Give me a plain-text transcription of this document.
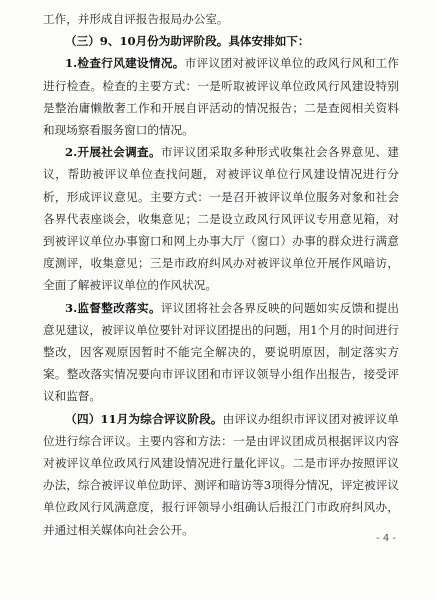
工作，并形成自评报告报局办公室。

（三）9、10月份为助评阶段。具体安排如下：

1.检查行风建设情况。市评议团对被评议单位的政风行风和工作进行检查。检查的主要方式：一是听取被评议单位政风行风建设特别是整治庸懒散奢工作和开展自评活动的情况报告；二是查阅相关资料和现场察看服务窗口的情况。

2.开展社会调查。市评议团采取多种形式收集社会各界意见、建议，帮助被评议单位查找问题，对被评议单位行风建设情况进行分析，形成评议意见。主要方式：一是召开被评议单位服务对象和社会各界代表座谈会，收集意见；二是设立政风行风评议专用意见箱，对到被评议单位办事窗口和网上办事大厅（窗口）办事的群众进行满意度测评，收集意见；三是市政府纠风办对被评议单位开展作风暗访，全面了解被评议单位的作风状况。

3.监督整改落实。评议团将社会各界反映的问题如实反馈和提出意见建议，被评议单位要针对评议团提出的问题，用1个月的时间进行整改，因客观原因暂时不能完全解决的，要说明原因，制定落实方案。整改落实情况要向市评议团和市评议领导小组作出报告，接受评议和监督。

（四）11月为综合评议阶段。由评议办组织市评议团对被评议单位进行综合评议。主要内容和方法：一是由评议团成员根据评议内容对被评议单位政风行风建设情况进行量化评议。二是市评办按照评议办法，综合被评议单位助评、测评和暗访等3项得分情况，评定被评议单位政风行风满意度，报行评领导小组确认后报江门市政府纠风办，并通过相关媒体向社会公开。

- 4 -
